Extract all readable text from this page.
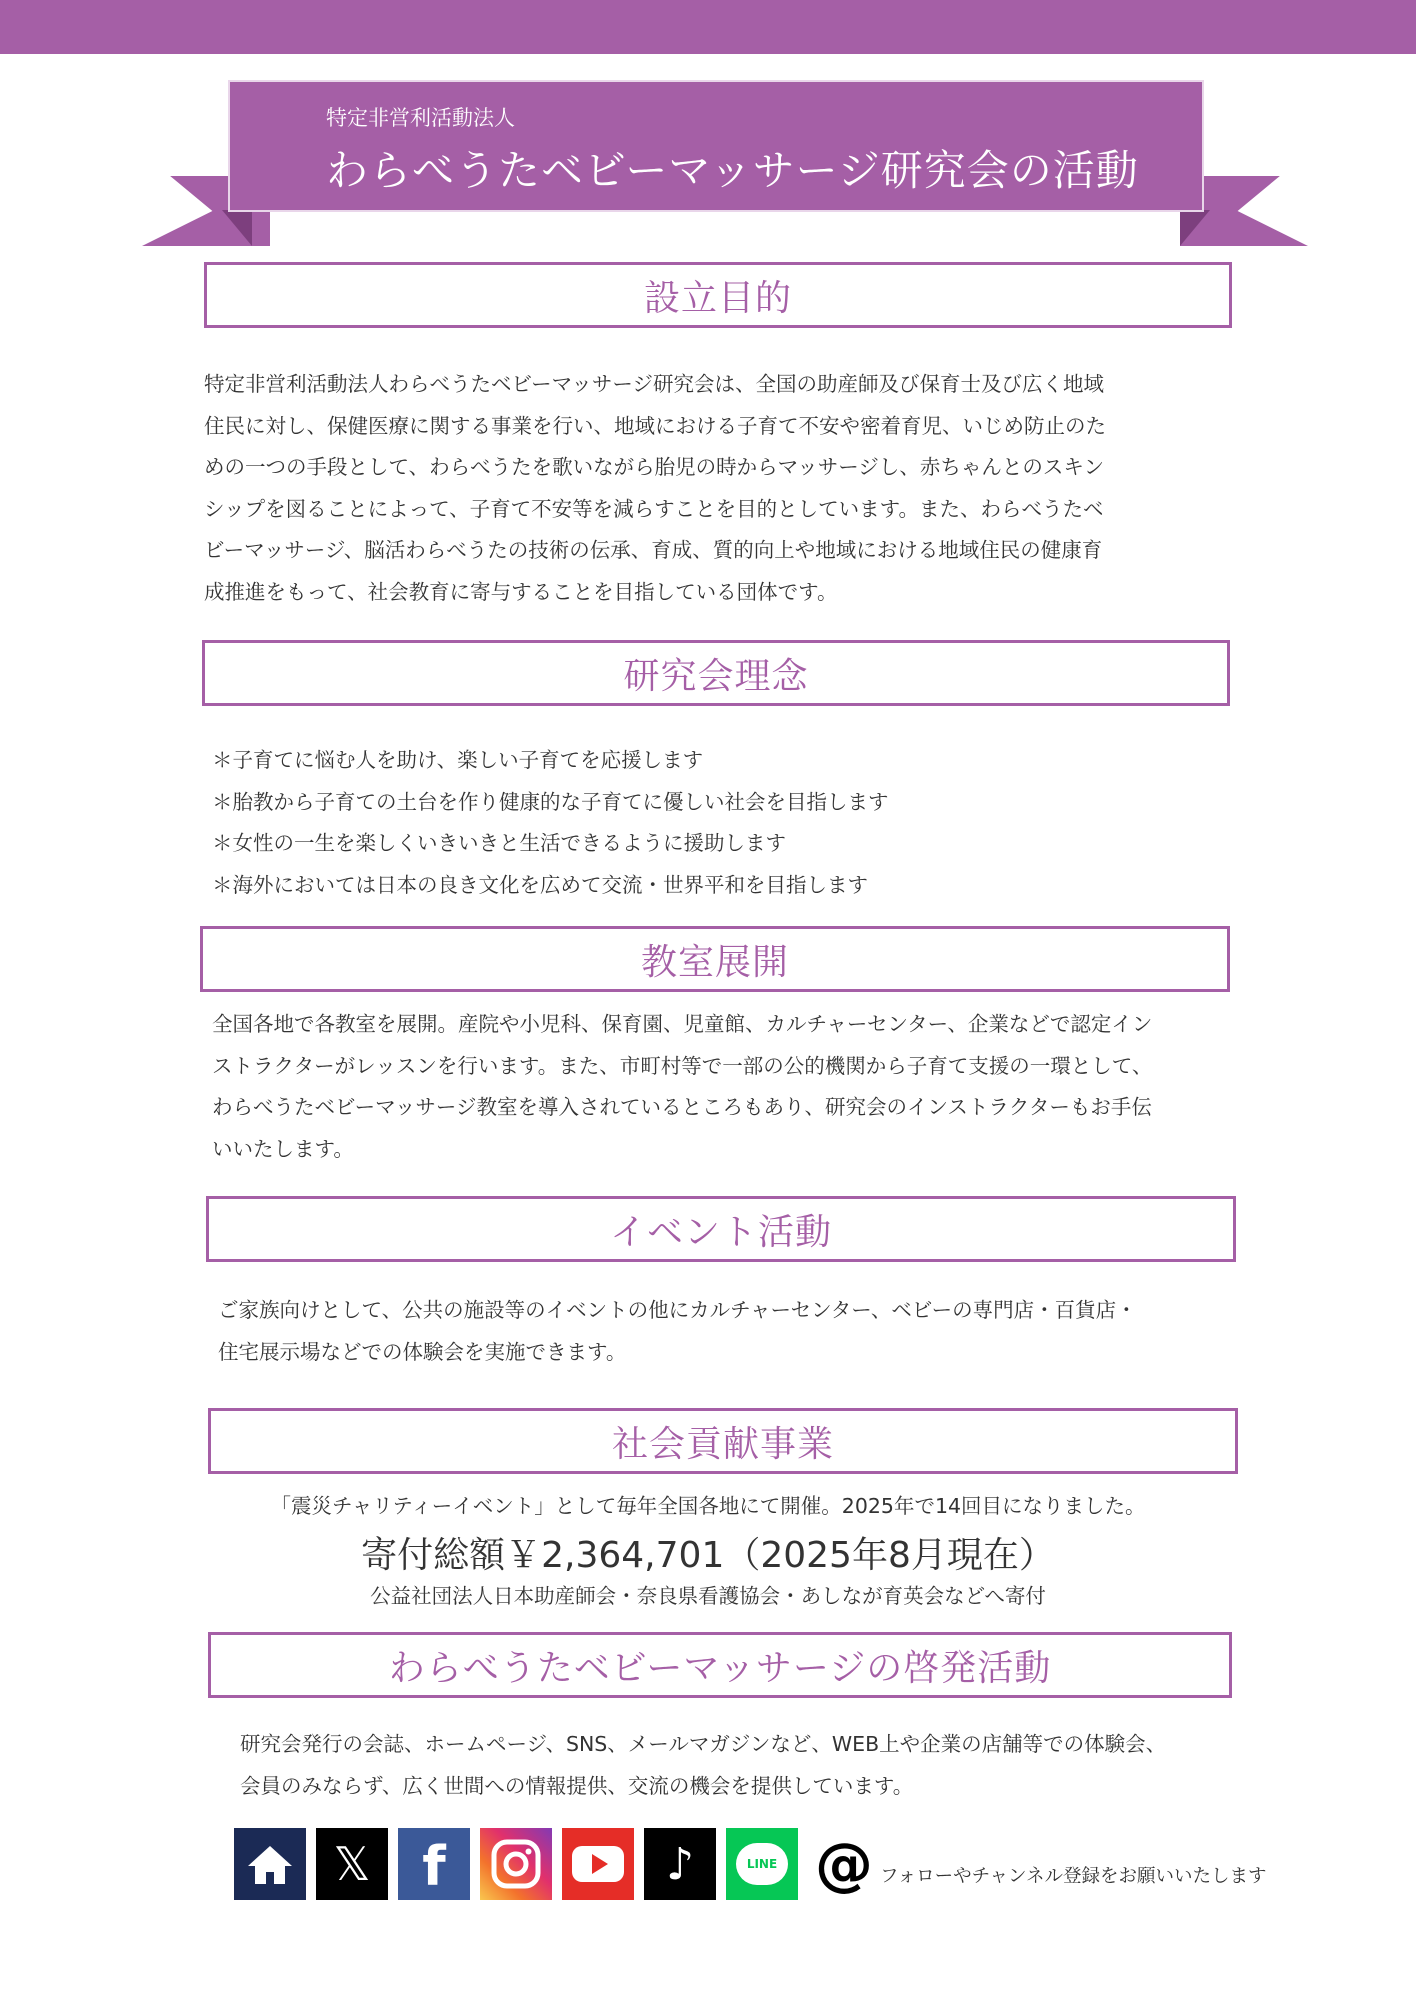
特定非営利活動法人
わらべうたベビーマッサージ研究会の活動
設立目的
特定非営利活動法人わらべうたベビーマッサージ研究会は、全国の助産師及び保育士及び広く地域
住民に対し、保健医療に関する事業を行い、地域における子育て不安や密着育児、いじめ防止のた
めの一つの手段として、わらべうたを歌いながら胎児の時からマッサージし、赤ちゃんとのスキン
シップを図ることによって、子育て不安等を減らすことを目的としています。また、わらべうたベ
ビーマッサージ、脳活わらべうたの技術の伝承、育成、質的向上や地域における地域住民の健康育
成推進をもって、社会教育に寄与することを目指している団体です。
研究会理念
＊子育てに悩む人を助け、楽しい子育てを応援します
＊胎教から子育ての土台を作り健康的な子育てに優しい社会を目指します
＊女性の一生を楽しくいきいきと生活できるように援助します
＊海外においては日本の良き文化を広めて交流・世界平和を目指します
教室展開
全国各地で各教室を展開。産院や小児科、保育園、児童館、カルチャーセンター、企業などで認定イン
ストラクターがレッスンを行います。また、市町村等で一部の公的機関から子育て支援の一環として、
わらべうたベビーマッサージ教室を導入されているところもあり、研究会のインストラクターもお手伝
いいたします。
イベント活動
ご家族向けとして、公共の施設等のイベントの他にカルチャーセンター、ベビーの専門店・百貨店・
住宅展示場などでの体験会を実施できます。
社会貢献事業
「震災チャリティーイベント」として毎年全国各地にて開催。2025年で14回目になりました。
寄付総額￥2,364,701（2025年8月現在）
公益社団法人日本助産師会・奈良県看護協会・あしなが育英会などへ寄付
わらべうたベビーマッサージの啓発活動
研究会発行の会誌、ホームページ、SNS、メールマガジンなど、WEB上や企業の店舗等での体験会、
会員のみならず、広く世間への情報提供、交流の機会を提供しています。
𝕏 f	♪	LINE @ フォローやチャンネル登録をお願いいたします
